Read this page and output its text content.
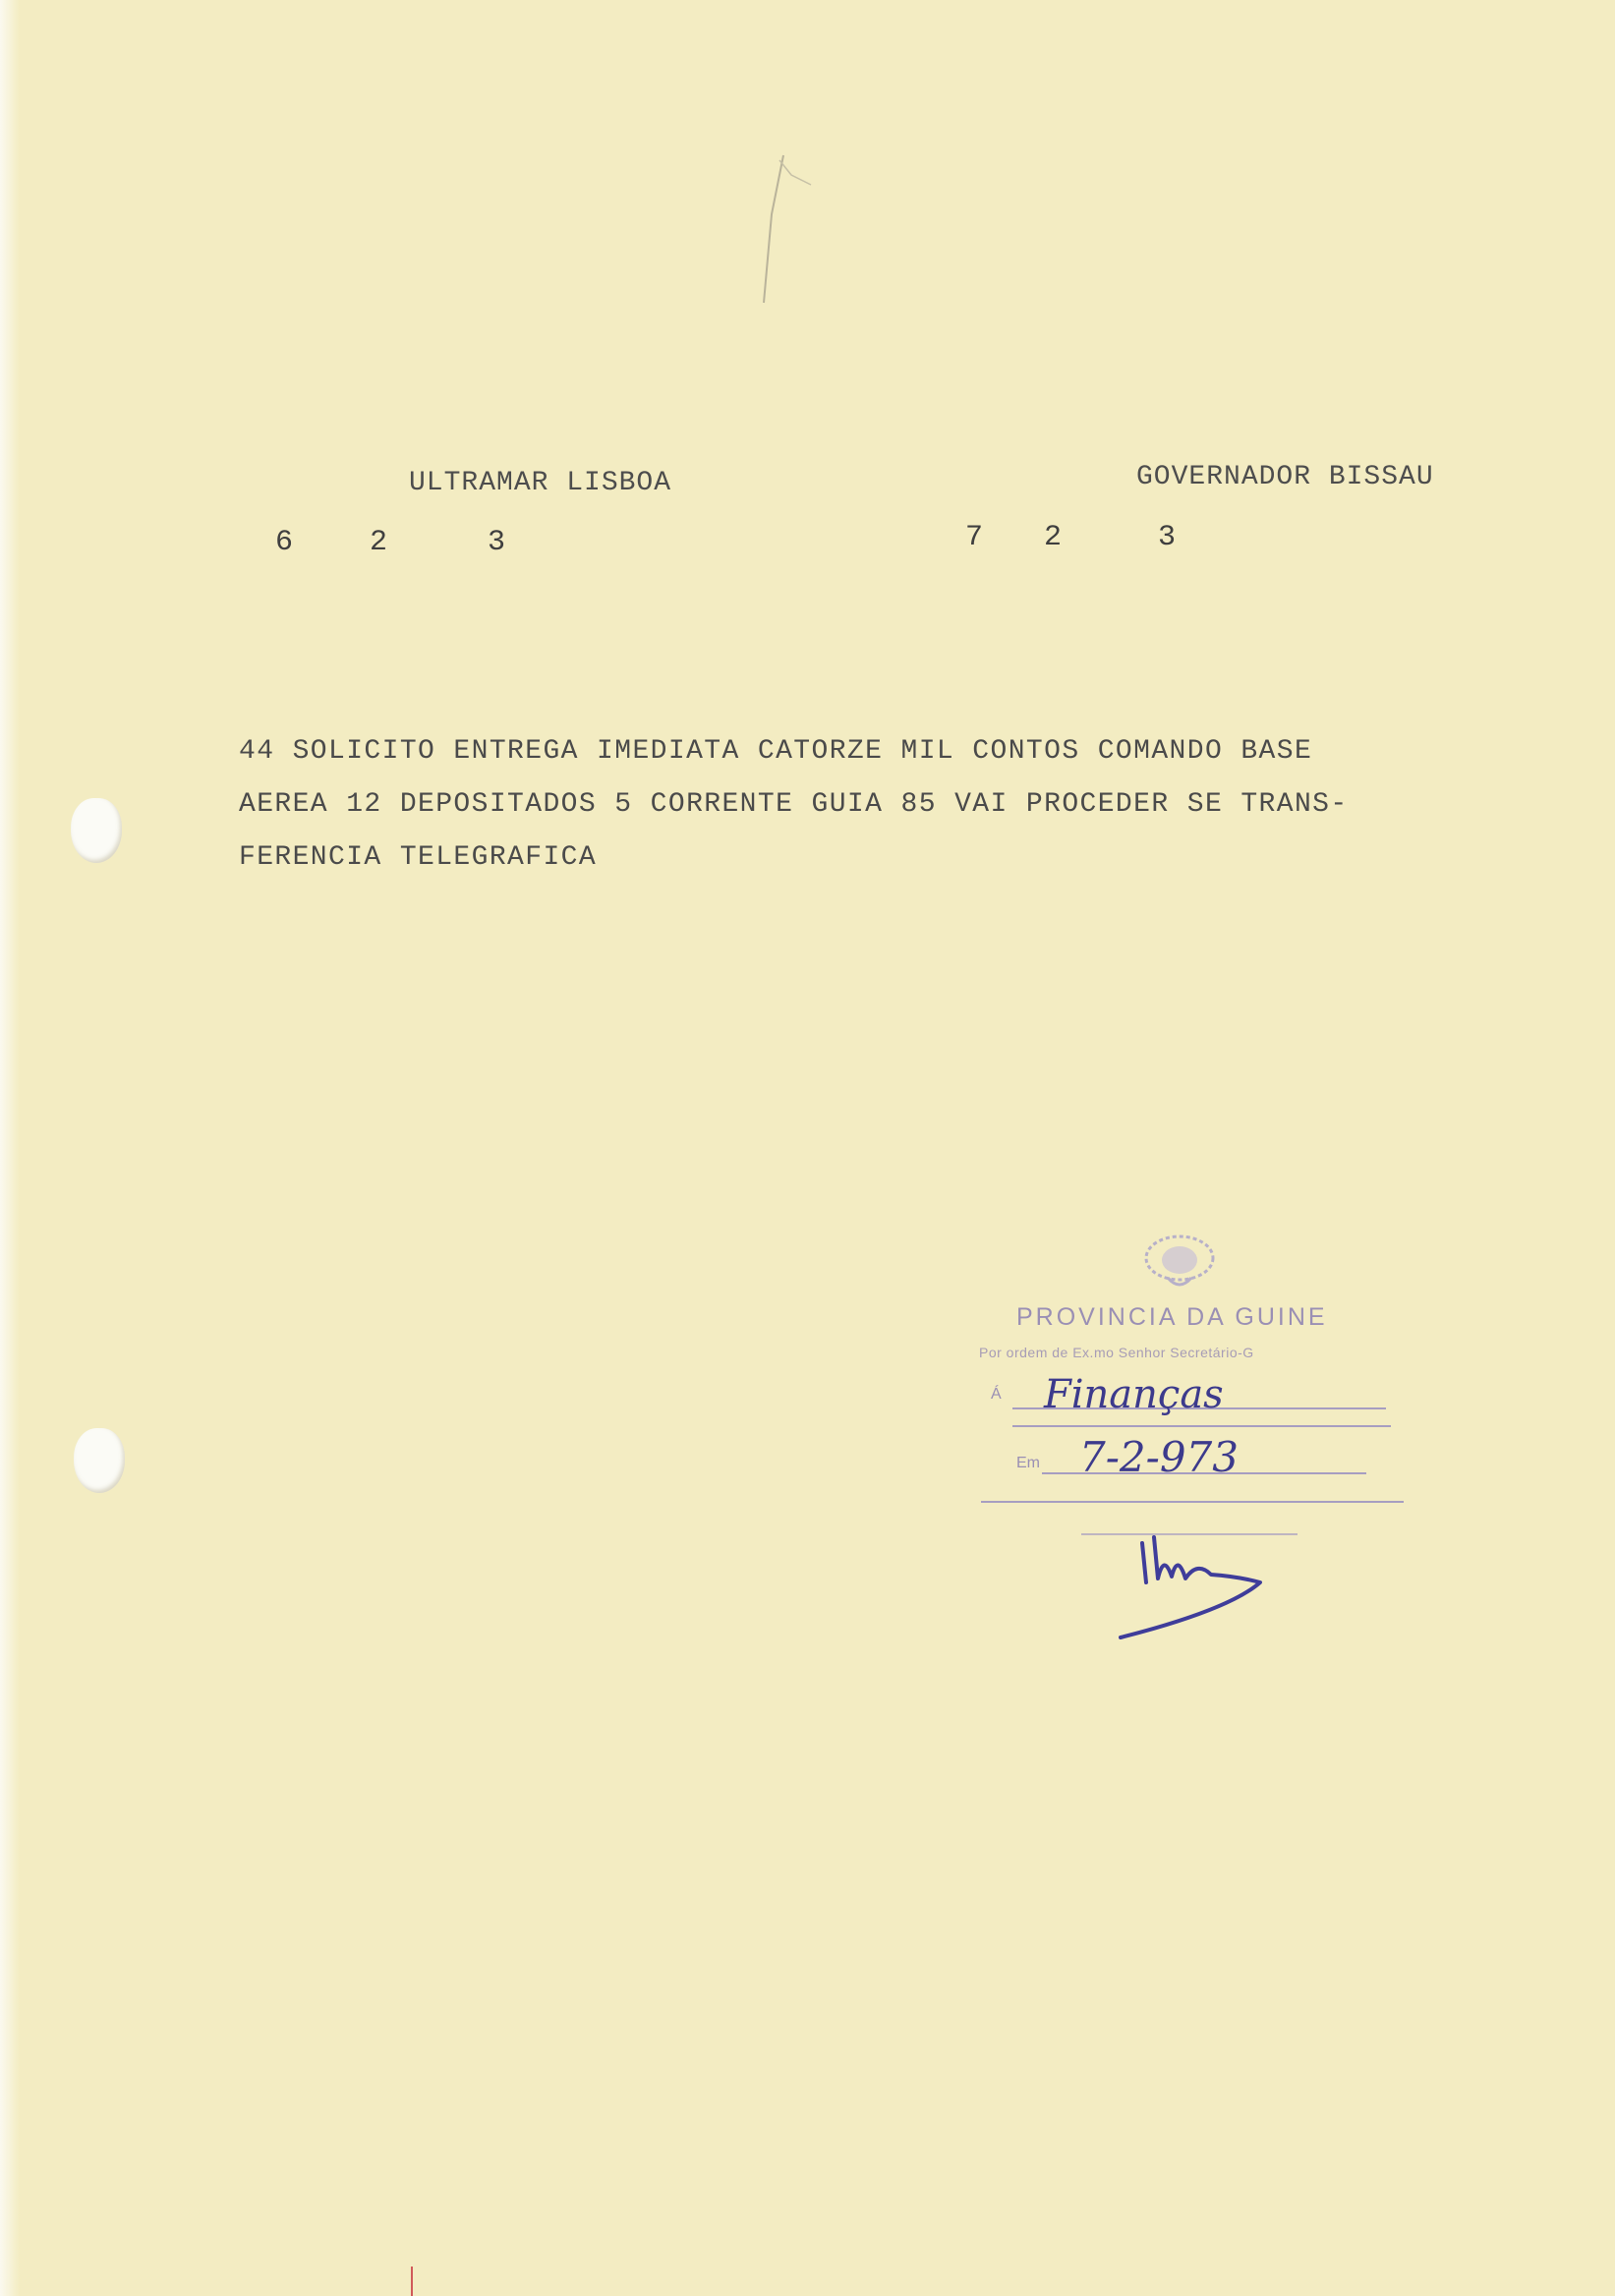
ULTRAMAR LISBOA	GOVERNADOR BISSAU
6	2	3	7 2	3
44 SOLICITO ENTREGA IMEDIATA CATORZE MIL CONTOS COMANDO BASE
AEREA 12 DEPOSITADOS 5 CORRENTE GUIA 85 VAI PROCEDER SE TRANS-
FERENCIA TELEGRAFICA
PROVINCIA DA GUINE
Por ordem de Ex.mo Senhor Secretário-G
Á Finanças
Em 7-2-973
